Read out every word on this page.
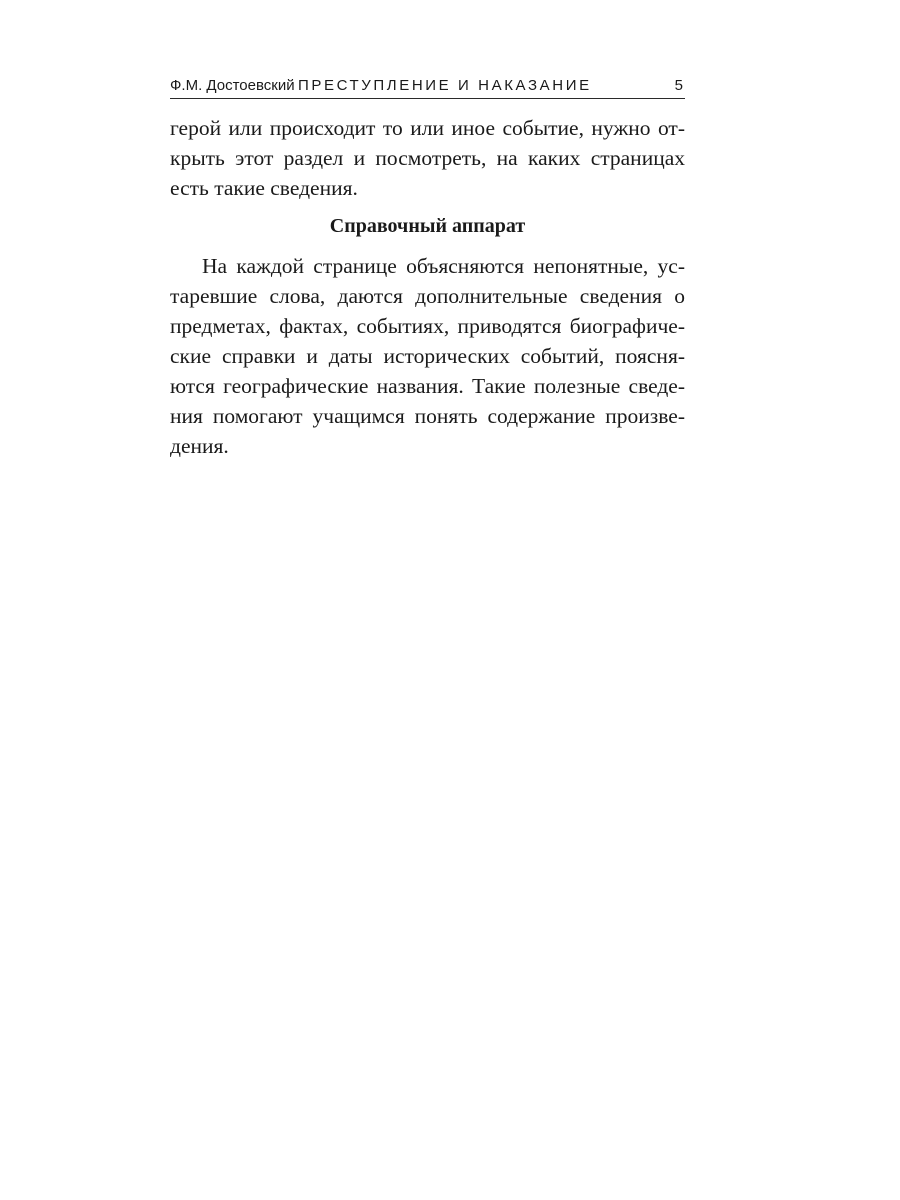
Ф.М. Достоевский ПРЕСТУПЛЕНИЕ И НАКАЗАНИЕ	5
герой или происходит то или иное событие, нужно от-
крыть этот раздел и посмотреть, на каких страницах
есть такие сведения.
Справочный аппарат
На каждой странице объясняются непонятные, ус-
таревшие слова, даются дополнительные сведения о
предметах, фактах, событиях, приводятся биографиче-
ские справки и даты исторических событий, поясня-
ются географические названия. Такие полезные сведе-
ния помогают учащимся понять содержание произве-
дения.
